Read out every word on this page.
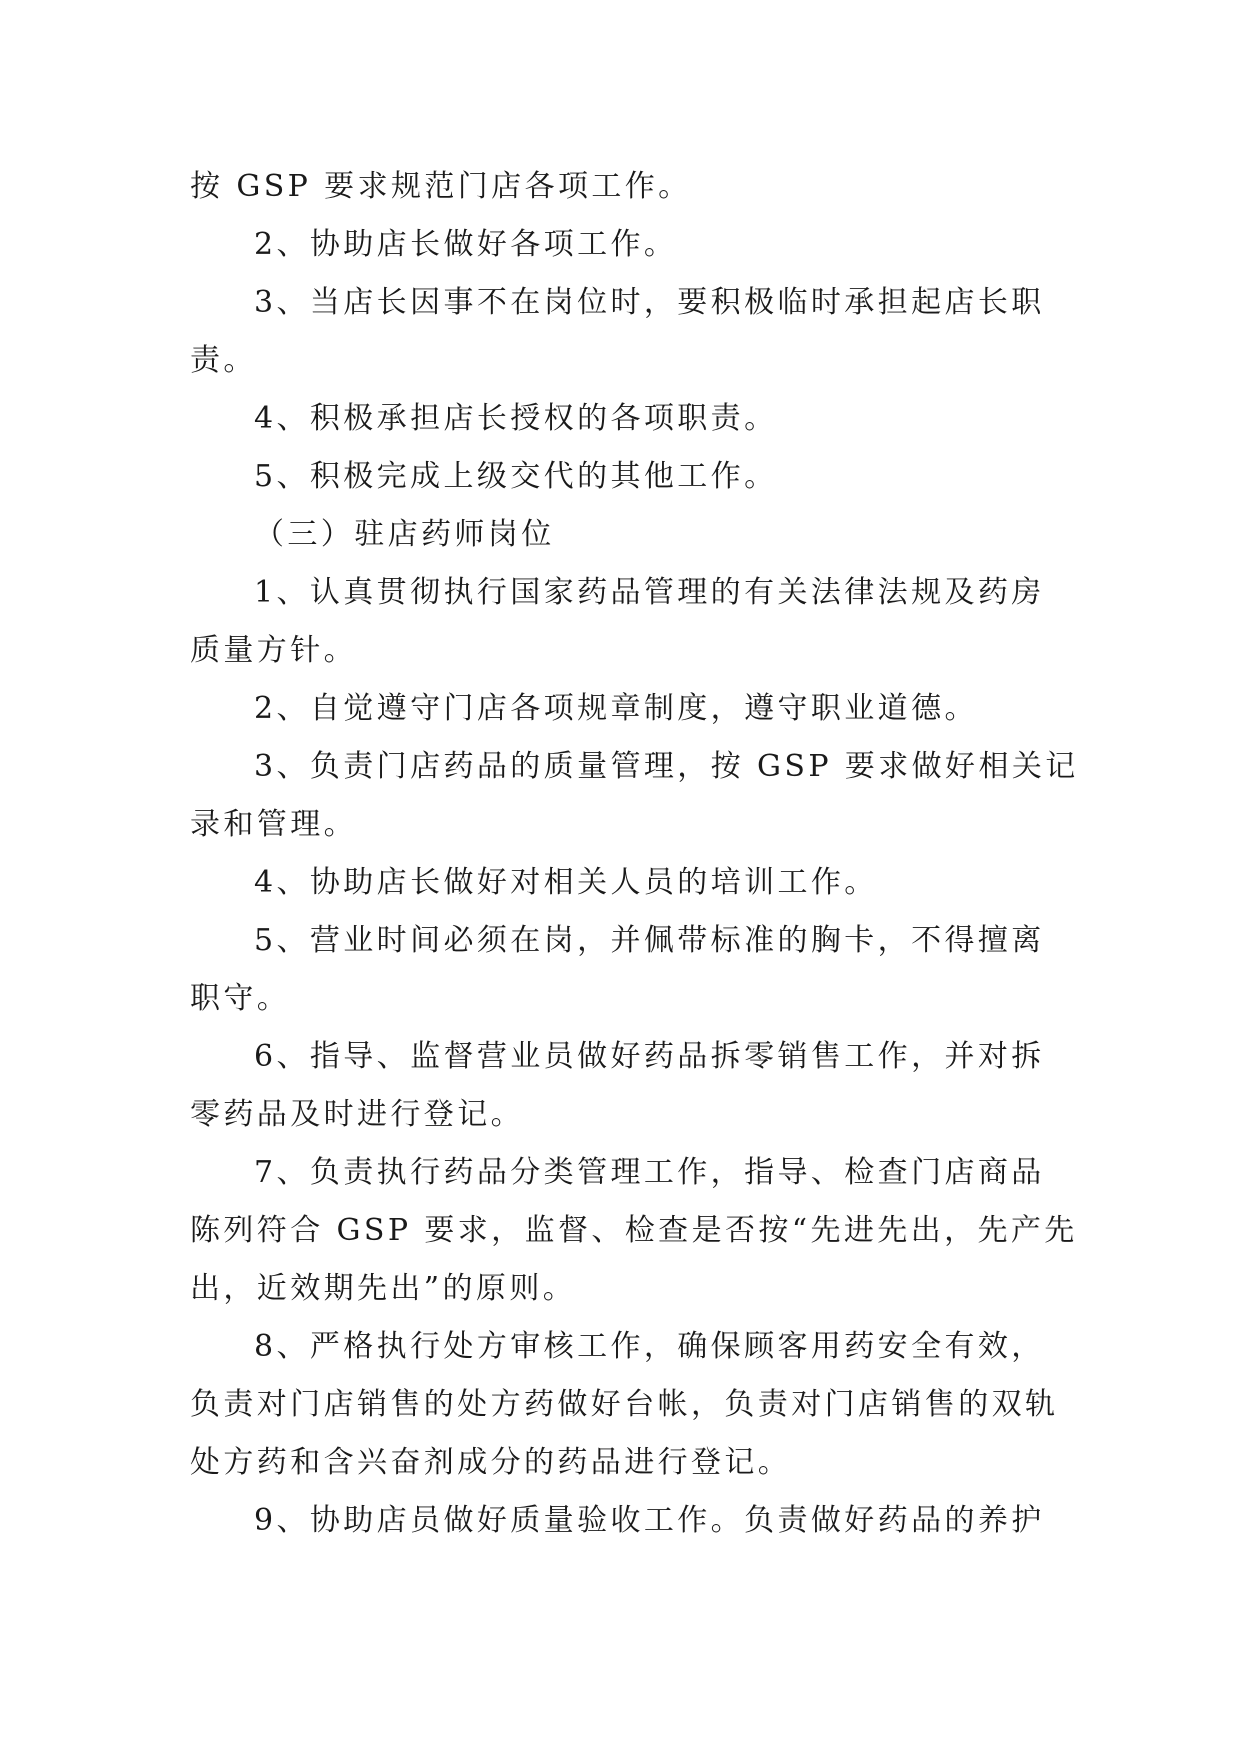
按 GSP 要求规范门店各项工作。

2、协助店长做好各项工作。

3、当店长因事不在岗位时，要积极临时承担起店长职

责。

4、积极承担店长授权的各项职责。

5、积极完成上级交代的其他工作。

（三）驻店药师岗位

1、认真贯彻执行国家药品管理的有关法律法规及药房

质量方针。

2、自觉遵守门店各项规章制度，遵守职业道德。

3、负责门店药品的质量管理，按 GSP 要求做好相关记

录和管理。

4、协助店长做好对相关人员的培训工作。

5、营业时间必须在岗，并佩带标准的胸卡，不得擅离

职守。

6、指导、监督营业员做好药品拆零销售工作，并对拆

零药品及时进行登记。

7、负责执行药品分类管理工作，指导、检查门店商品

陈列符合 GSP 要求，监督、检查是否按“先进先出，先产先

出，近效期先出”的原则。

8、严格执行处方审核工作，确保顾客用药安全有效，

负责对门店销售的处方药做好台帐，负责对门店销售的双轨

处方药和含兴奋剂成分的药品进行登记。

9、协助店员做好质量验收工作。负责做好药品的养护
